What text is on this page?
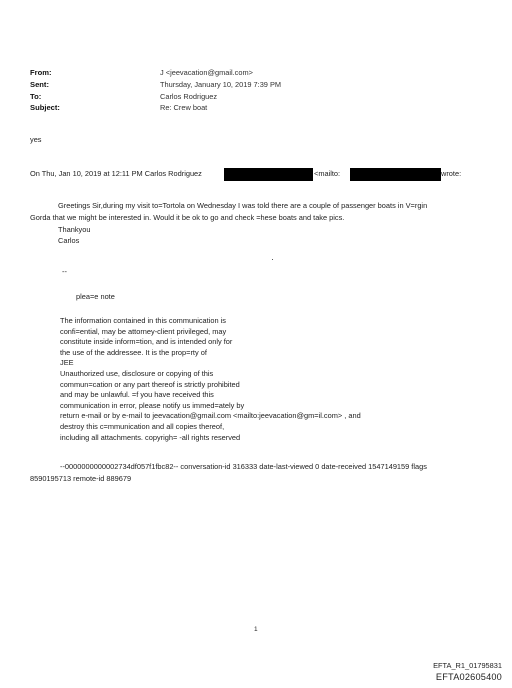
From:	J <jeevacation@gmail.com>
Sent:	Thursday, January 10, 2019 7:39 PM
To:	Carlos Rodriguez
Subject:	Re: Crew boat
yes
On Thu, Jan 10, 2019 at 12:11 PM Carlos Rodriguez	<mailto:	wrote:
Greetings Sir,during my visit to=Tortola on Wednesday I was told there are a couple of passenger boats in V=rgin
Gorda that we might be interested in. Would it be ok to go and check =hese boats and take pics.
Thankyou
Carlos
--
plea=e note
The information contained in this communication is
confi=ential, may be attorney-client privileged, may
constitute inside inform=tion, and is intended only for
the use of the addressee. It is the prop=rty of
JEE
Unauthorized use, disclosure or copying of this
commun=cation or any part thereof is strictly prohibited
and may be unlawful. =f you have received this
communication in error, please notify us immed=ately by
return e-mail or by e-mail to jeevacation@gmail.com <mailto:jeevacation@gm=il.com> , and
destroy this c=mmunication and all copies thereof,
including all attachments. copyrigh= -all rights reserved
--0000000000002734df057f1fbc82-- conversation-id 316333 date-last-viewed 0 date-received 1547149159 flags
8590195713 remote-id 889679
1
EFTA_R1_01795831
EFTA02605400
